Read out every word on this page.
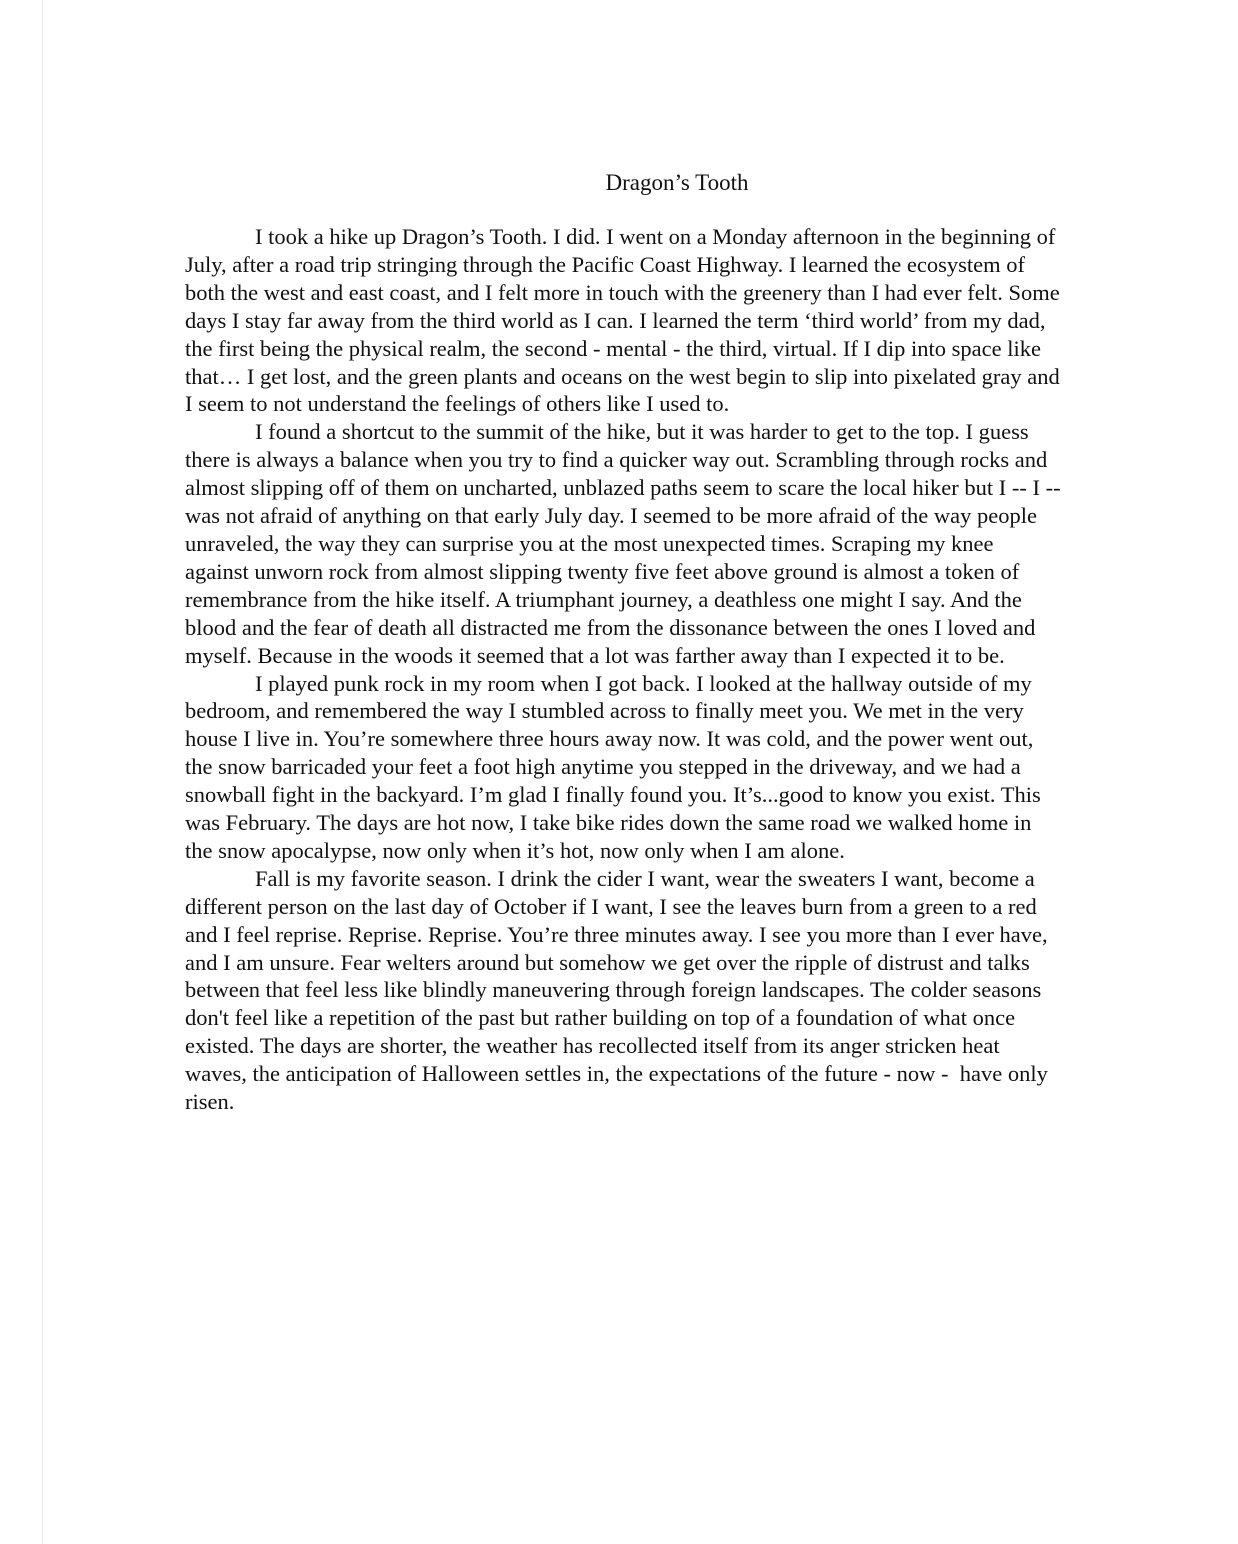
Dragon’s Tooth
I took a hike up Dragon’s Tooth. I did. I went on a Monday afternoon in the beginning of
July, after a road trip stringing through the Pacific Coast Highway. I learned the ecosystem of
both the west and east coast, and I felt more in touch with the greenery than I had ever felt. Some
days I stay far away from the third world as I can. I learned the term ‘third world’ from my dad,
the first being the physical realm, the second - mental - the third, virtual. If I dip into space like
that… I get lost, and the green plants and oceans on the west begin to slip into pixelated gray and
I seem to not understand the feelings of others like I used to.
I found a shortcut to the summit of the hike, but it was harder to get to the top. I guess
there is always a balance when you try to find a quicker way out. Scrambling through rocks and
almost slipping off of them on uncharted, unblazed paths seem to scare the local hiker but I -- I --
was not afraid of anything on that early July day. I seemed to be more afraid of the way people
unraveled, the way they can surprise you at the most unexpected times. Scraping my knee
against unworn rock from almost slipping twenty five feet above ground is almost a token of
remembrance from the hike itself. A triumphant journey, a deathless one might I say. And the
blood and the fear of death all distracted me from the dissonance between the ones I loved and
myself. Because in the woods it seemed that a lot was farther away than I expected it to be.
I played punk rock in my room when I got back. I looked at the hallway outside of my
bedroom, and remembered the way I stumbled across to finally meet you. We met in the very
house I live in. You’re somewhere three hours away now. It was cold, and the power went out,
the snow barricaded your feet a foot high anytime you stepped in the driveway, and we had a
snowball fight in the backyard. I’m glad I finally found you. It’s...good to know you exist. This
was February. The days are hot now, I take bike rides down the same road we walked home in
the snow apocalypse, now only when it’s hot, now only when I am alone.
Fall is my favorite season. I drink the cider I want, wear the sweaters I want, become a
different person on the last day of October if I want, I see the leaves burn from a green to a red
and I feel reprise. Reprise. Reprise. You’re three minutes away. I see you more than I ever have,
and I am unsure. Fear welters around but somehow we get over the ripple of distrust and talks
between that feel less like blindly maneuvering through foreign landscapes. The colder seasons
don't feel like a repetition of the past but rather building on top of a foundation of what once
existed. The days are shorter, the weather has recollected itself from its anger stricken heat
waves, the anticipation of Halloween settles in, the expectations of the future - now -  have only
risen.
